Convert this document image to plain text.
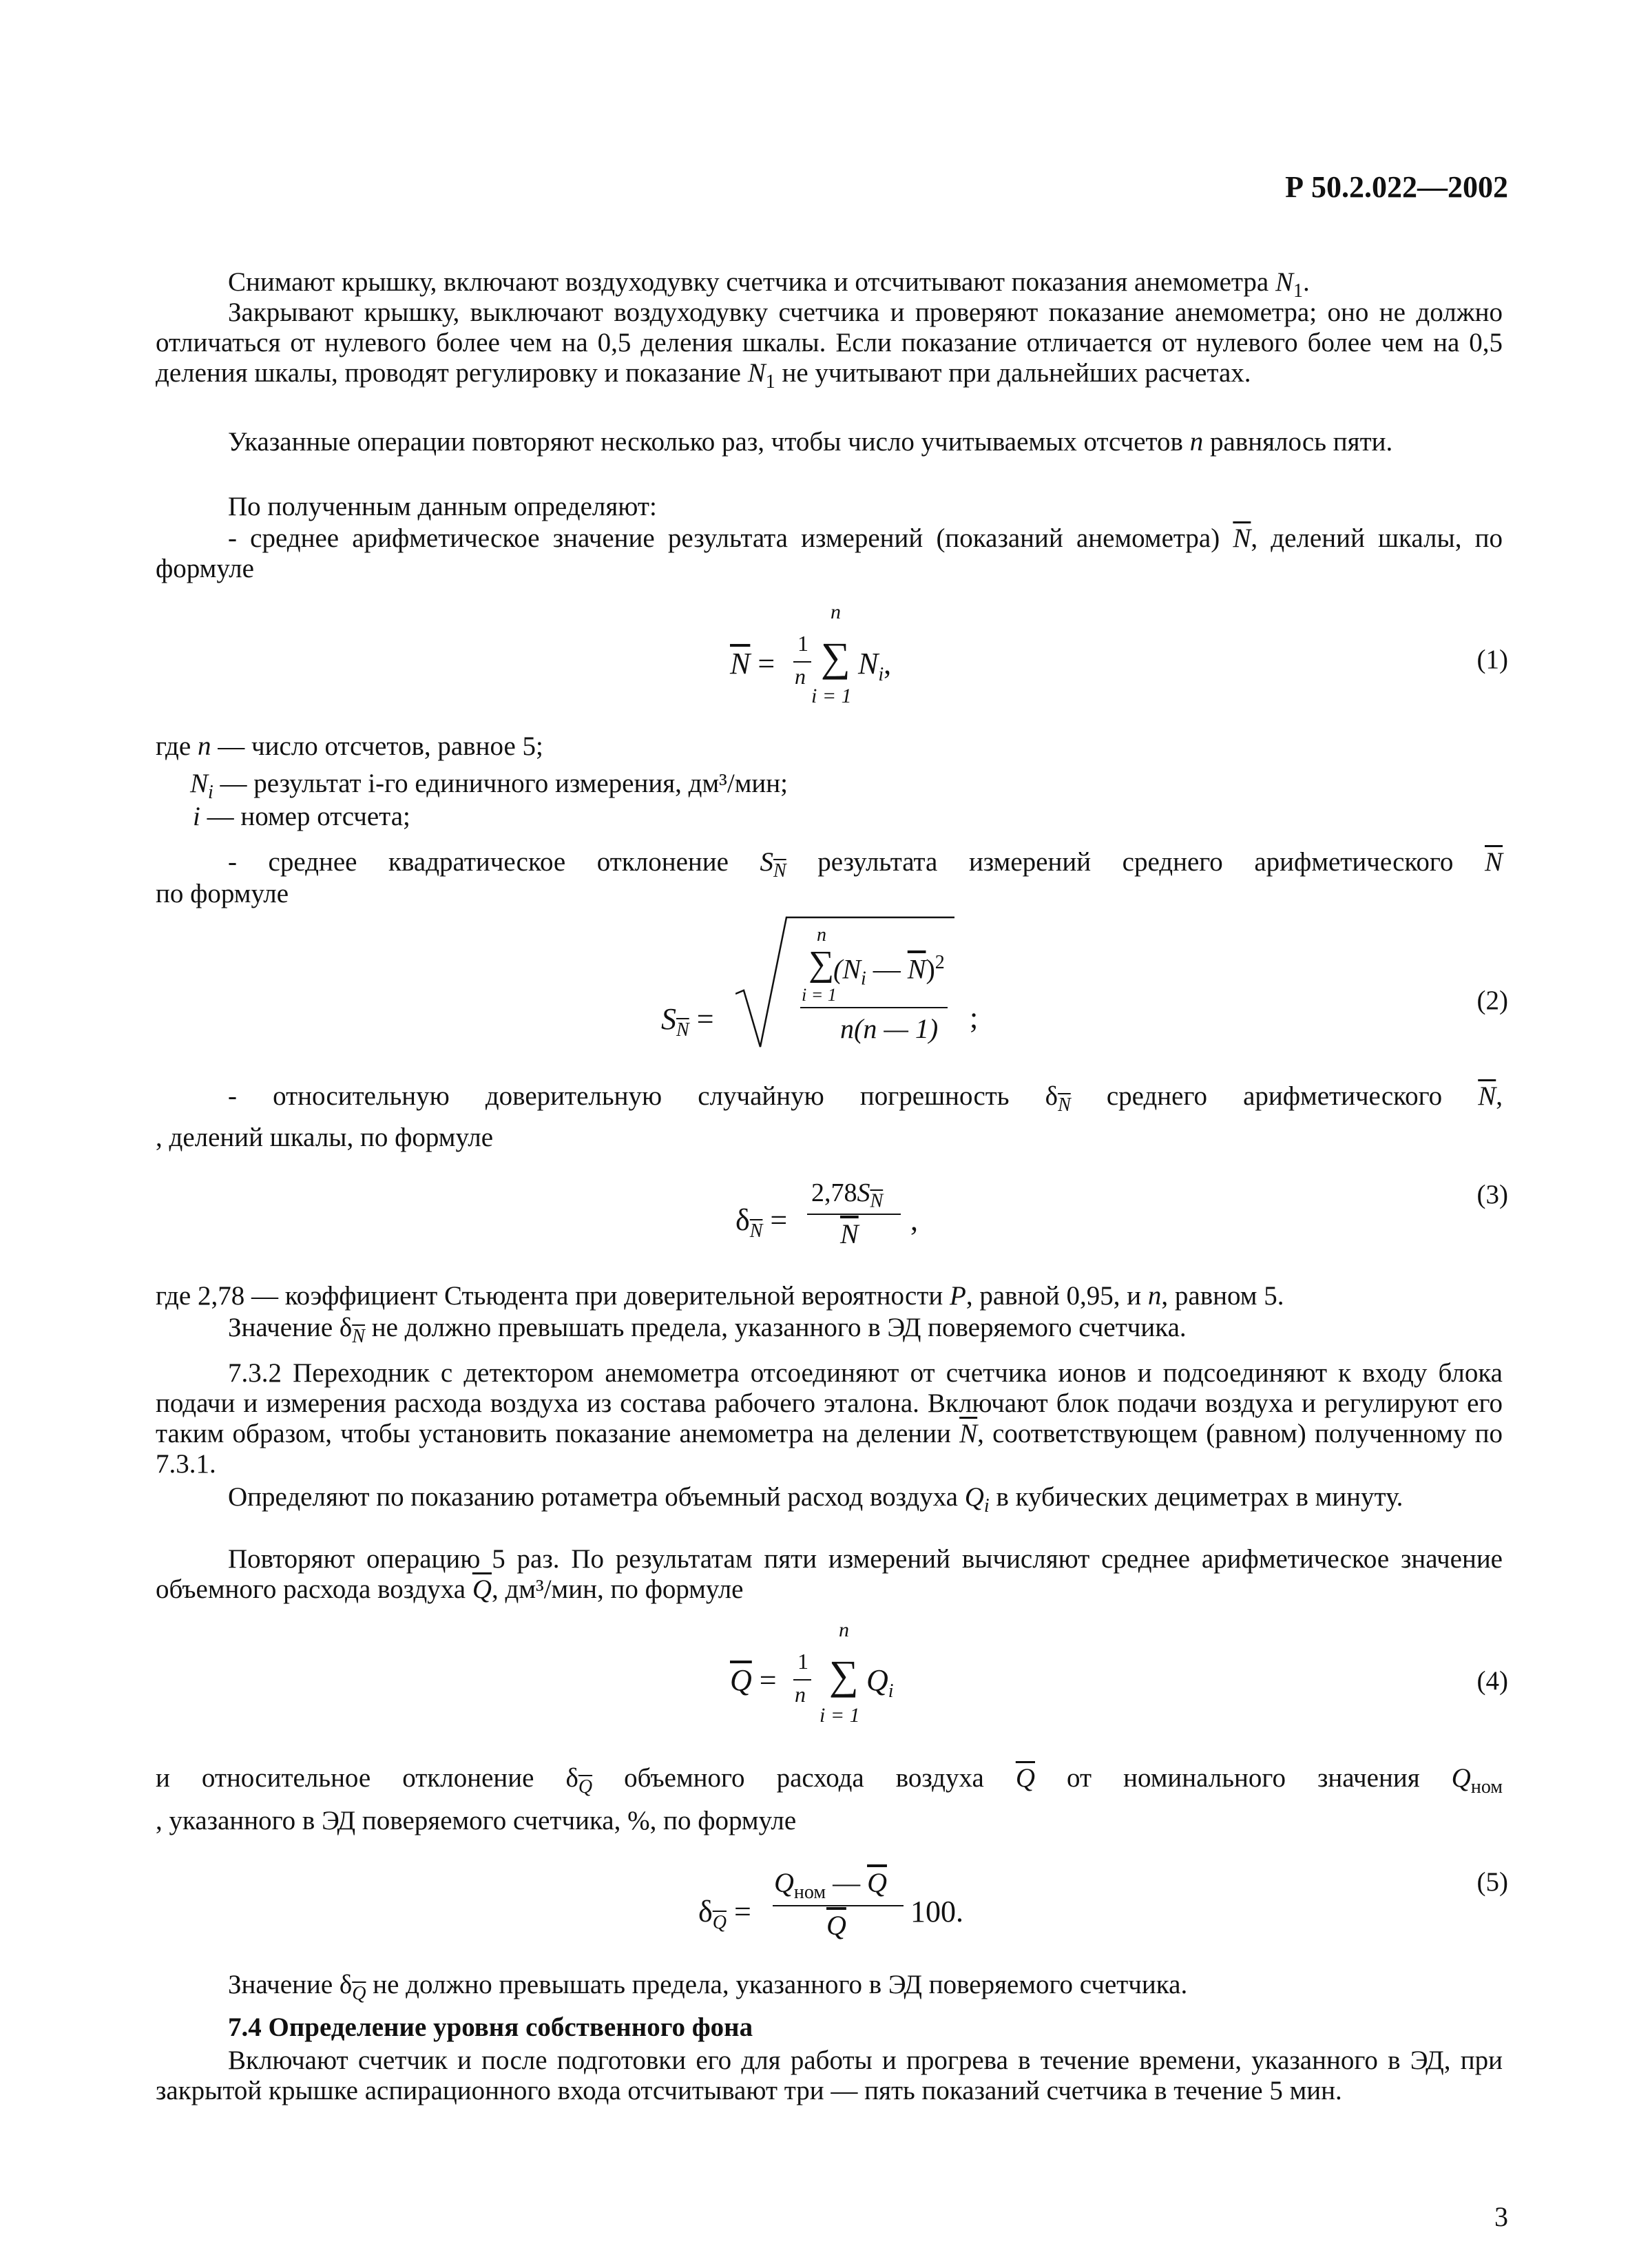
Р 50.2.022—2002
Снимают крышку, включают воздуходувку счетчика и отсчитывают показания анемометра $N_1$.
Закрывают крышку, выключают воздуходувку счетчика и проверяют показание анемометра; оно не должно отличаться от нулевого более чем на 0,5 деления шкалы. Если показание отличается от нулевого более чем на 0,5 деления шкалы, проводят регулировку и показание $N_1$ не учитывают при дальнейших расчетах.
Указанные операции повторяют несколько раз, чтобы число учитываемых отсчетов n равнялось пяти.
По полученным данным определяют:
- среднее арифметическое значение результата измерений (показаний анемометра) $\overline{N}$, делений шкалы, по формуле
$\overline{N}$ =
1
n
n
∑
i = 1
$N_i$,	(1)
где n — число отсчетов, равное 5;
$N_i$ — результат i-го единичного измерения, дм³/мин;
i — номер отсчета;
- среднее квадратическое отклонение $S_{\overline{N}}$ результата измерений среднего арифметического $\overline{N}$
по формуле
$S_{\overline{N}}$ =
n
∑
($N_i$ — $\overline{N})^2$
i = 1
n(n — 1) ;
(2)
- относительную доверительную случайную погрешность $\delta_{\overline{N}}$ среднего арифметического $\overline{N}$,
, делений шкалы, по формуле
$\delta_{\overline{N}}$ =
$2,78S_{\overline{N}}$
$\overline{N}$ ,
(3)
где 2,78 — коэффициент Стьюдента при доверительной вероятности P, равной 0,95, и n, равном 5.
Значение $\delta_{\overline{N}}$ не должно превышать предела, указанного в ЭД поверяемого счетчика.
7.3.2 Переходник с детектором анемометра отсоединяют от счетчика ионов и подсоединяют к входу блока подачи и измерения расхода воздуха из состава рабочего эталона. Включают блок подачи воздуха и регулируют его таким образом, чтобы установить показание анемометра на делении $\overline{N}$, соответствующем (равном) полученному по 7.3.1.
Определяют по показанию ротаметра объемный расход воздуха $Q_i$ в кубических дециметрах в минуту.
Повторяют операцию 5 раз. По результатам пяти измерений вычисляют среднее арифметическое значение объемного расхода воздуха $\overline{Q}$, дм³/мин, по формуле
$\overline{Q}$ =
1
n
n
∑
i = 1
$Q_i$	(4)
и относительное отклонение $\delta_{\overline{Q}}$ объемного расхода воздуха $\overline{Q}$ от номинального значения $Q_{ном}$
, указанного в ЭД поверяемого счетчика, %, по формуле
$\delta_{\overline{Q}}$ =
$Q_{ном}$ — $\overline{Q}$
$\overline{Q}$ 100.
(5)
Значение $\delta_{\overline{Q}}$ не должно превышать предела, указанного в ЭД поверяемого счетчика.
7.4 Определение уровня собственного фона
Включают счетчик и после подготовки его для работы и прогрева в течение времени, указанного в ЭД, при закрытой крышке аспирационного входа отсчитывают три — пять показаний счетчика в течение 5 мин.
3
